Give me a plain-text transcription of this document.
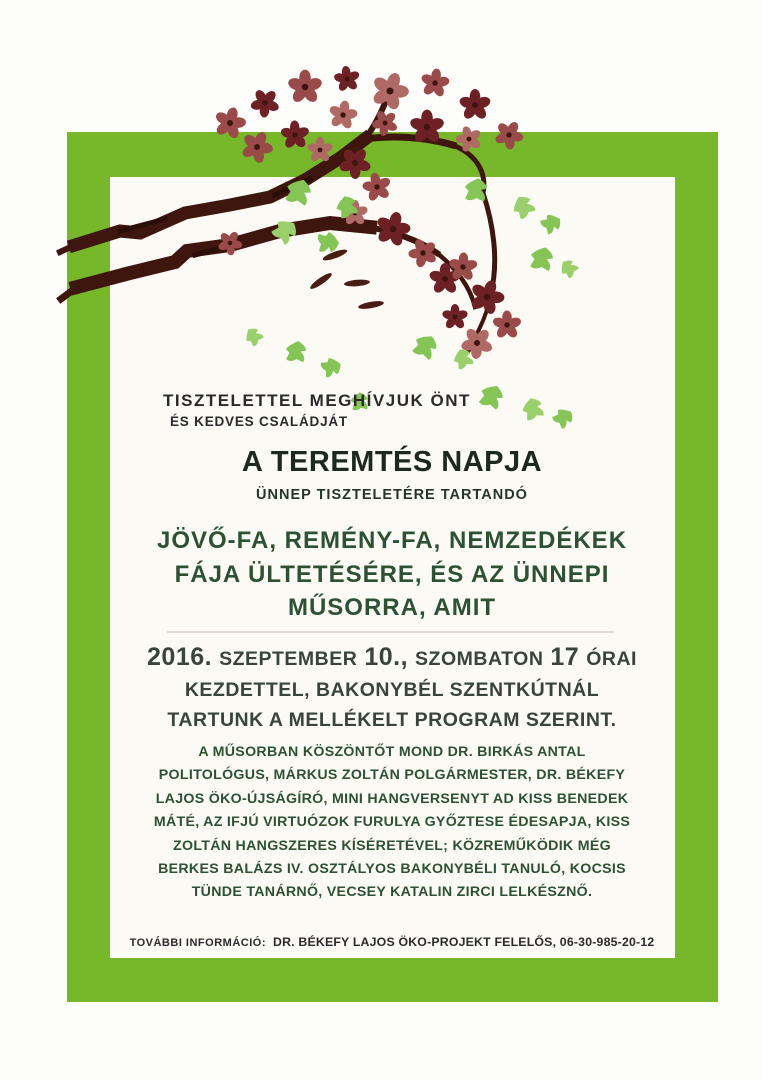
TISZTELETTEL MEGHÍVJUK ÖNT
ÉS KEDVES CSALÁDJÁT
A TEREMTÉS NAPJA
ÜNNEP TISZTELETÉRE TARTANDÓ
JÖVŐ-FA, REMÉNY-FA, NEMZEDÉKEK
FÁJA ÜLTETÉSÉRE, ÉS AZ ÜNNEPI
MŰSORRA, AMIT
2016. SZEPTEMBER 10., SZOMBATON 17 ÓRAI
KEZDETTEL, BAKONYBÉL SZENTKÚTNÁL
TARTUNK A MELLÉKELT PROGRAM SZERINT.
A MŰSORBAN KÖSZÖNTŐT MOND DR. BIRKÁS ANTAL
POLITOLÓGUS, MÁRKUS ZOLTÁN POLGÁRMESTER, DR. BÉKEFY
LAJOS ÖKO-ÚJSÁGÍRÓ, MINI HANGVERSENYT AD KISS BENEDEK
MÁTÉ, AZ IFJÚ VIRTUÓZOK FURULYA GYŐZTESE ÉDESAPJA, KISS
ZOLTÁN HANGSZERES KÍSÉRETÉVEL; KÖZREMŰKÖDIK MÉG
BERKES BALÁZS IV. OSZTÁLYOS BAKONYBÉLI TANULÓ, KOCSIS
TÜNDE TANÁRNŐ, VECSEY KATALIN ZIRCI LELKÉSZNŐ.
TOVÁBBI INFORMÁCIÓ: DR. BÉKEFY LAJOS ÖKO-PROJEKT FELELŐS, 06-30-985-20-12
